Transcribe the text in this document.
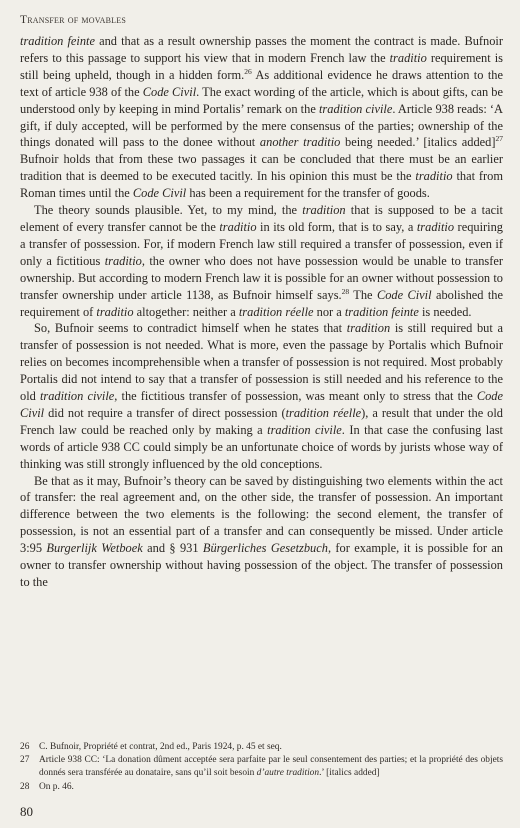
Transfer of movables

tradition feinte and that as a result ownership passes the moment the contract is made. Bufnoir refers to this passage to support his view that in modern French law the traditio requirement is still being upheld, though in a hidden form.$^{26}$ As additional evidence he draws attention to the text of article 938 of the Code Civil. The exact wording of the article, which is about gifts, can be understood only by keeping in mind Portalis’ remark on the tradition civile. Article 938 reads: ‘A gift, if duly accepted, will be performed by the mere consensus of the parties; ownership of the things donated will pass to the donee without another traditio being needed.’ [italics added]$^{27}$ Bufnoir holds that from these two passages it can be concluded that there must be an earlier tradition that is deemed to be executed tacitly. In his opinion this must be the traditio that from Roman times until the Code Civil has been a requirement for the transfer of goods.

The theory sounds plausible. Yet, to my mind, the tradition that is supposed to be a tacit element of every transfer cannot be the traditio in its old form, that is to say, a traditio requiring a transfer of possession. For, if modern French law still required a transfer of possession, even if only a fictitious traditio, the owner who does not have possession would be unable to transfer ownership. But according to modern French law it is possible for an owner without possession to transfer ownership under article 1138, as Bufnoir himself says.$^{28}$ The Code Civil abolished the requirement of traditio altogether: neither a tradition réelle nor a tradition feinte is needed.

So, Bufnoir seems to contradict himself when he states that tradition is still required but a transfer of possession is not needed. What is more, even the passage by Portalis which Bufnoir relies on becomes incomprehensible when a transfer of possession is not required. Most probably Portalis did not intend to say that a transfer of possession is still needed and his reference to the old tradition civile, the fictitious transfer of possession, was meant only to stress that the Code Civil did not require a transfer of direct possession (tradition réelle), a result that under the old French law could be reached only by making a tradition civile. In that case the confusing last words of article 938 CC could simply be an unfortunate choice of words by jurists whose way of thinking was still strongly influenced by the old conceptions.

Be that as it may, Bufnoir’s theory can be saved by distinguishing two elements within the act of transfer: the real agreement and, on the other side, the transfer of possession. An important difference between the two elements is the following: the second element, the transfer of possession, is not an essential part of a transfer and can consequently be missed. Under article 3:95 Burgerlijk Wetboek and § 931 Bürgerliches Gesetzbuch, for example, it is possible for an owner to transfer ownership without having possession of the object. The transfer of possession to the

26	C. Bufnoir, Propriété et contrat, 2nd ed., Paris 1924, p. 45 et seq.
27	Article 938 CC: ‘La donation dûment acceptée sera parfaite par le seul consentement des parties; et la propriété des objets donnés sera transférée au donataire, sans qu’il soit besoin d’autre tradition.’ [italics added]
28	On p. 46.
80
